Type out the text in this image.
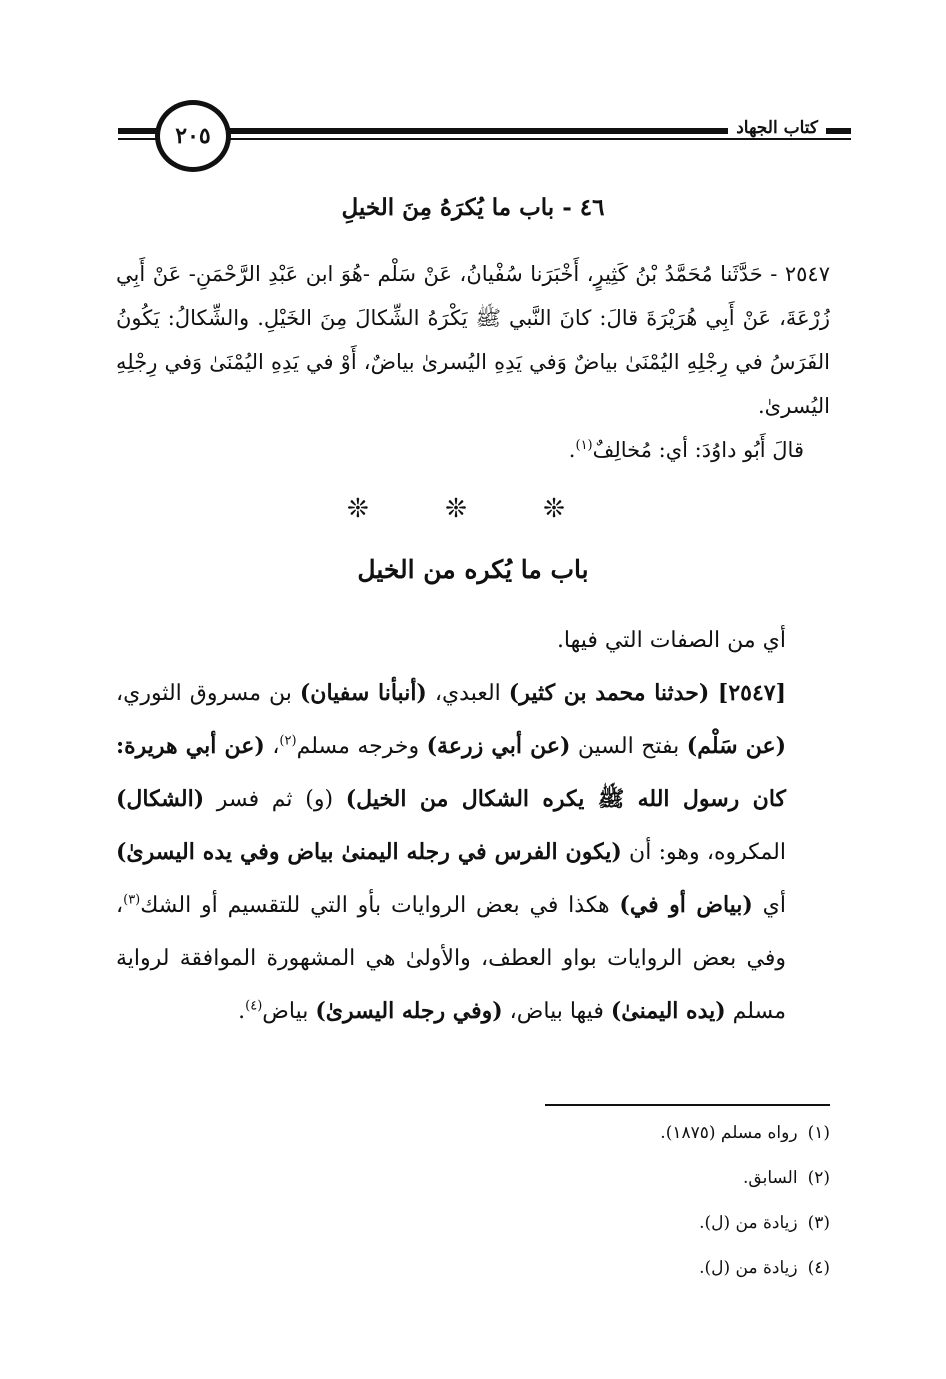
كتاب الجهاد
٢٠٥
٤٦ - باب ما يُكرَهُ مِنَ الخيلِ

٢٥٤٧ - حَدَّثَنا مُحَمَّدُ بْنُ كَثِيرٍ، أَخْبَرَنا سُفْيانُ، عَنْ سَلْم -هُوَ ابن عَبْدِ الرَّحْمَنِ- عَنْ أَبِي زُرْعَةَ، عَنْ أَبِي هُرَيْرَةَ قالَ: كانَ النَّبي ﷺ يَكْرَهُ الشِّكالَ مِنَ الخَيْلِ. والشِّكالُ: يَكُونُ الفَرَسُ في رِجْلِهِ اليُمْنَىٰ بياضٌ وَفي يَدِهِ اليُسرىٰ بياضٌ، أَوْ في يَدِهِ اليُمْنَىٰ وَفي رِجْلِهِ اليُسرىٰ.

قالَ أَبُو داوُدَ: أي: مُخالِفٌ$^{(١)}$.

❊ ❊ ❊
باب ما يُكره من الخيل

أي من الصفات التي فيها.

[٢٥٤٧] (حدثنا محمد بن كثير) العبدي، (أنبأنا سفيان) بن مسروق الثوري، (عن سَلْم) بفتح السين (عن أبي زرعة) وخرجه مسلم$^{(٢)}$، (عن أبي هريرة: كان رسول الله ﷺ يكره الشكال من الخيل) (و) ثم فسر (الشكال) المكروه، وهو: أن (يكون الفرس في رجله اليمنىٰ بياض وفي يده اليسرىٰ) أي (بياض أو في) هكذا في بعض الروايات بأو التي للتقسيم أو الشك$^{(٣)}$، وفي بعض الروايات بواو العطف، والأولىٰ هي المشهورة الموافقة لرواية مسلم (يده اليمنىٰ) فيها بياض، (وفي رجله اليسرىٰ) بياض$^{(٤)}$.

(١)رواه مسلم (١٨٧٥).
(٢)السابق.
(٣)زيادة من (ل).
(٤)زيادة من (ل).
